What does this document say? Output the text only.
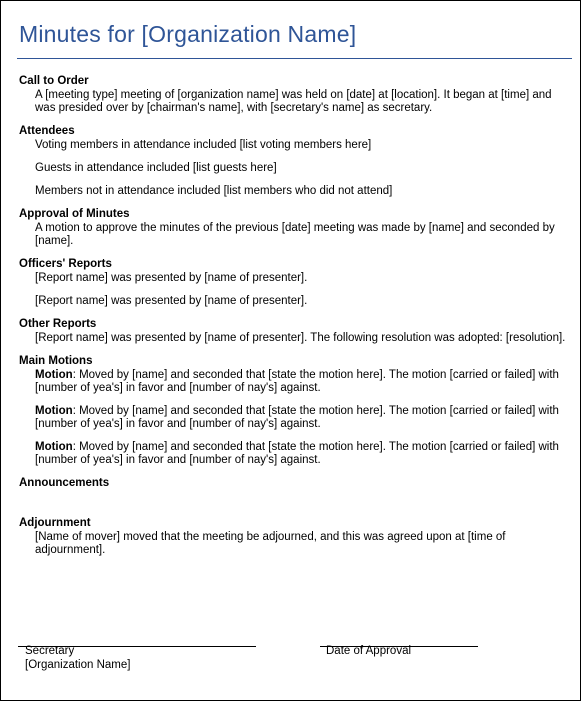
Minutes for [Organization Name]
Call to Order
A [meeting type] meeting of [organization name] was held on [date] at [location]. It began at [time] and was presided over by [chairman's name], with [secretary's name] as secretary.
Attendees
Voting members in attendance included [list voting members here]
Guests in attendance included [list guests here]
Members not in attendance included [list members who did not attend]
Approval of Minutes
A motion to approve the minutes of the previous [date] meeting was made by [name] and seconded by [name].
Officers' Reports
[Report name] was presented by [name of presenter].
[Report name] was presented by [name of presenter].
Other Reports
[Report name] was presented by [name of presenter]. The following resolution was adopted: [resolution].
Main Motions
Motion: Moved by [name] and seconded that [state the motion here]. The motion [carried or failed] with [number of yea's] in favor and [number of nay's] against.
Motion: Moved by [name] and seconded that [state the motion here]. The motion [carried or failed] with [number of yea's] in favor and [number of nay's] against.
Motion: Moved by [name] and seconded that [state the motion here]. The motion [carried or failed] with [number of yea's] in favor and [number of nay's] against.
Announcements
Adjournment
[Name of mover] moved that the meeting be adjourned, and this was agreed upon at [time of adjournment].
Secretary
[Organization Name]
Date of Approval
